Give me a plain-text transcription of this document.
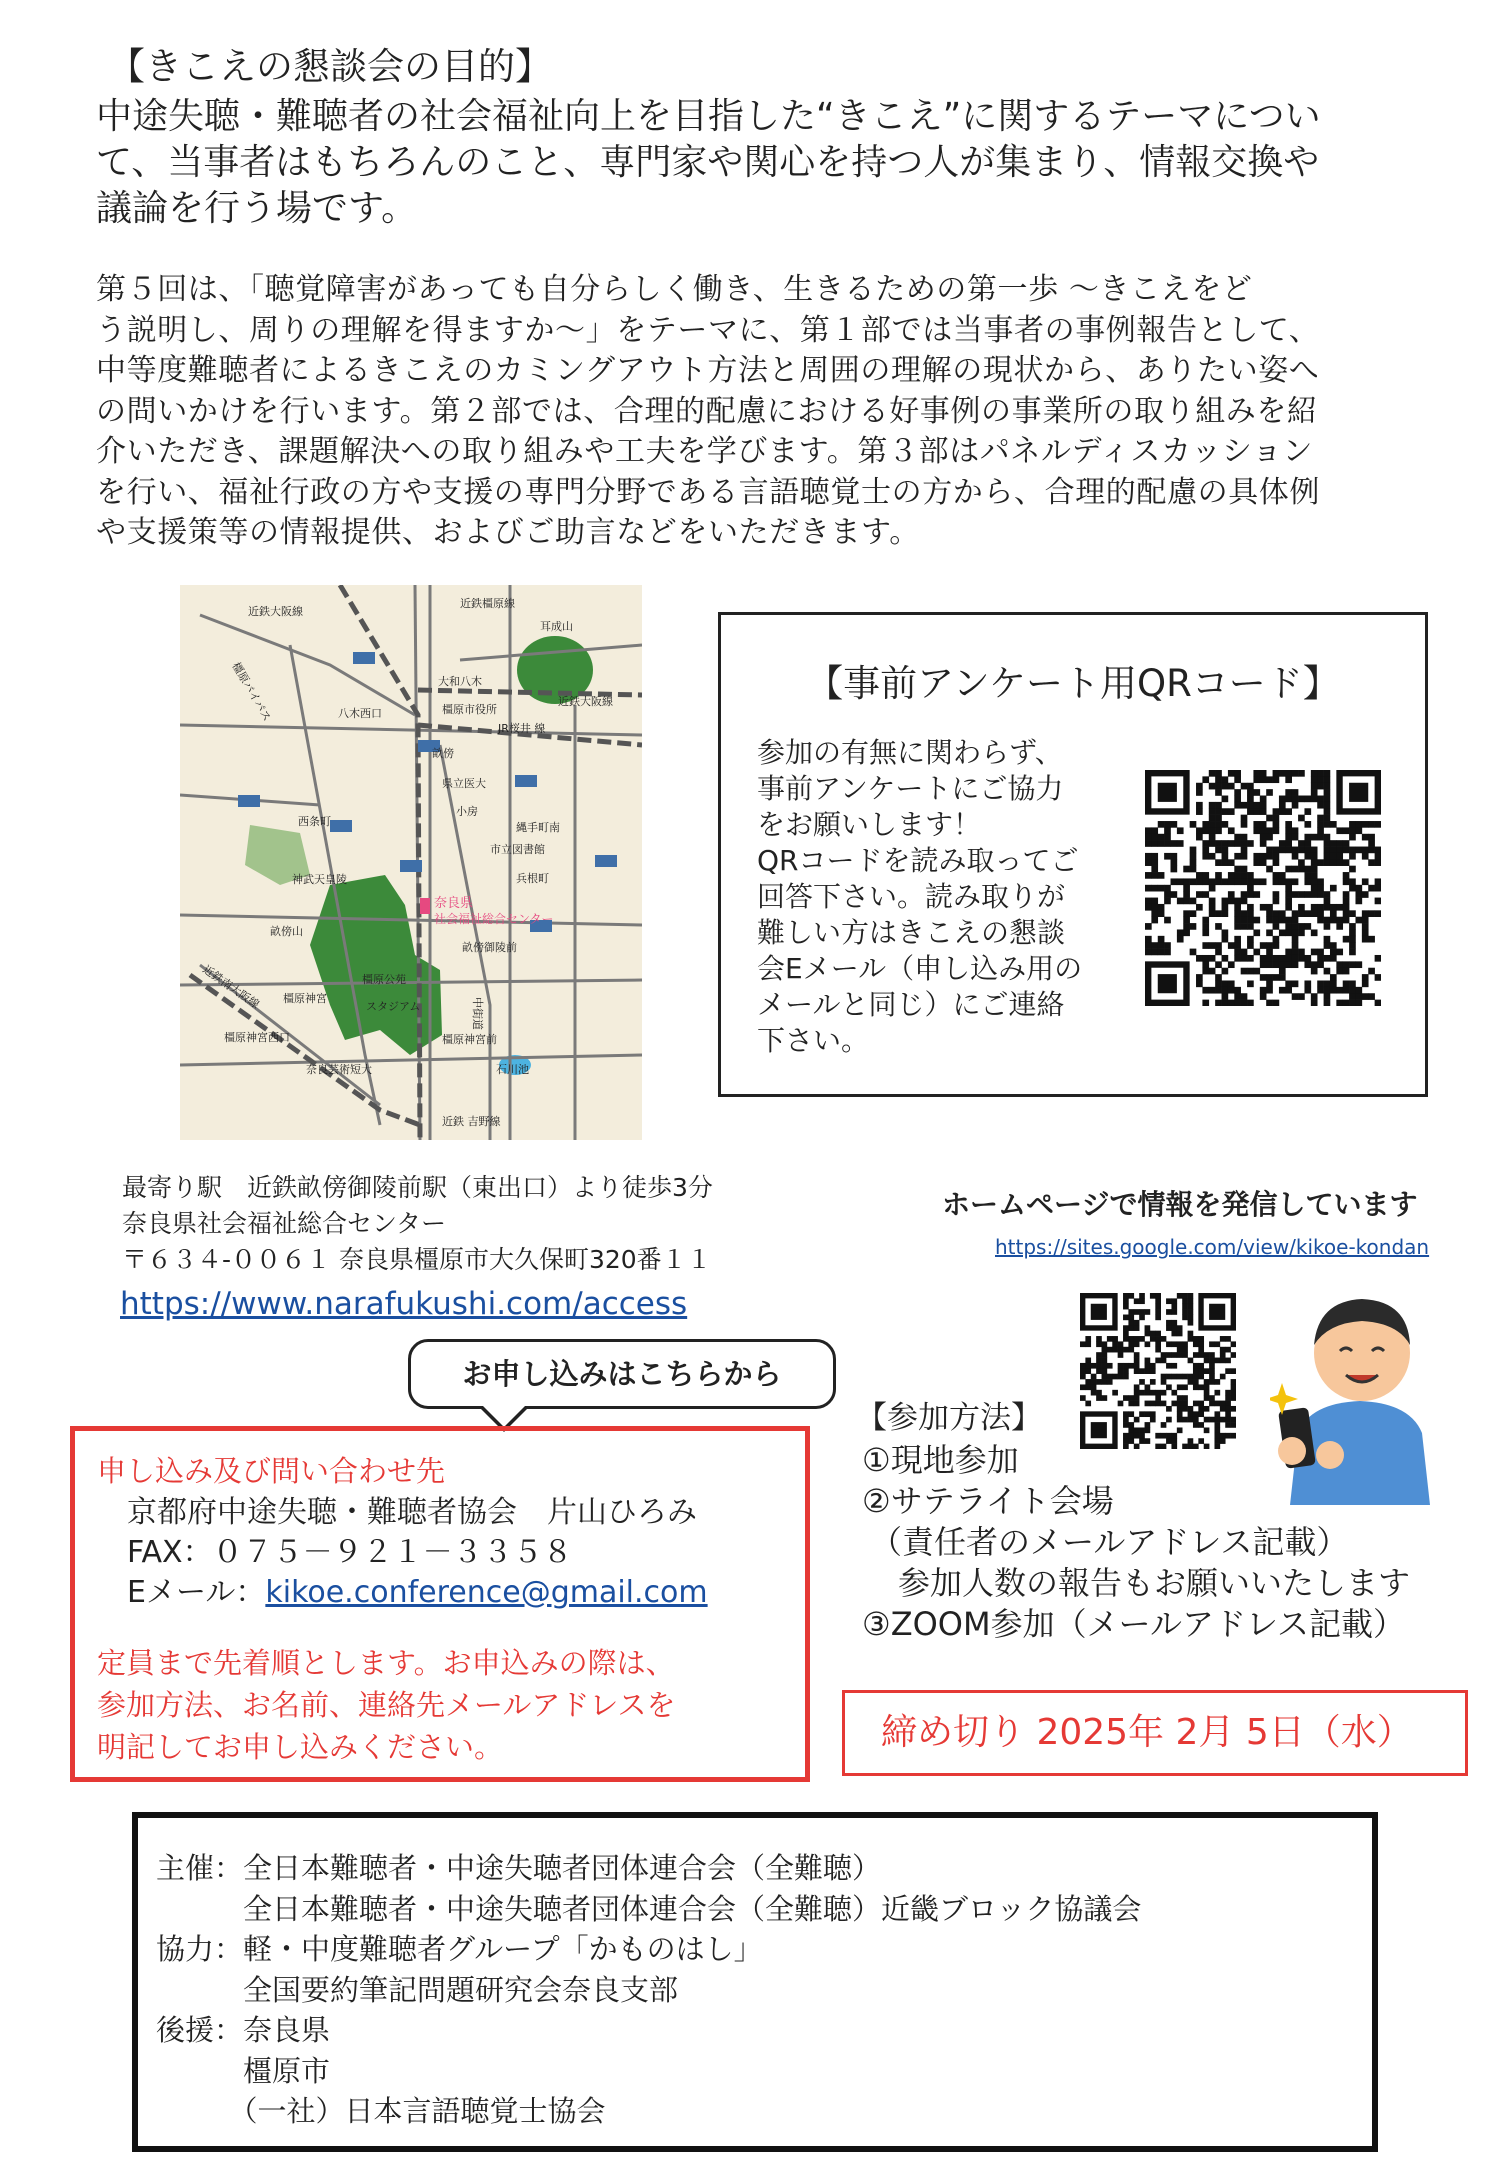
【きこえの懇談会の目的】
中途失聴・難聴者の社会福祉向上を目指した“きこえ”に関するテーマについ
て、当事者はもちろんのこと、専門家や関心を持つ人が集まり、情報交換や
議論を行う場です。
第５回は、「聴覚障害があっても自分らしく働き、生きるための第一歩 〜きこえをど
う説明し、周りの理解を得ますか〜」をテーマに、第１部では当事者の事例報告として、
中等度難聴者によるきこえのカミングアウト方法と周囲の理解の現状から、ありたい姿へ
の問いかけを行います。第２部では、合理的配慮における好事例の事業所の取り組みを紹
介いただき、課題解決への取り組みや工夫を学びます。第３部はパネルディスカッション
を行い、福祉行政の方や支援の専門分野である言語聴覚士の方から、合理的配慮の具体例
や支援策等の情報提供、およびご助言などをいただきます。
近鉄大阪線
近鉄橿原線
橿原バイパス
耳成山
近鉄大阪線
大和八木
八木西口	橿原市役所
JR桜井 線
畝傍
県立医大
西条町
小房
縄手町南
市立図書館
神武天皇陵	兵根町
畝傍山
畝傍御陵前
橿原公苑
橿原神宮
スタジアム	中街道
近鉄南大阪線
橿原神宮西口	橿原神宮前
奈良芸術短大	石川池
近鉄 吉野線
奈良県
社会福祉総合センター
【事前アンケート用QRコード】
参加の有無に関わらず、
事前アンケートにご協力
をお願いします！
QRコードを読み取ってご
回答下さい。読み取りが
難しい方はきこえの懇談
会Eメール（申し込み用の
メールと同じ）にご連絡
下さい。
最寄り駅　近鉄畝傍御陵前駅（東出口）より徒歩3分
奈良県社会福祉総合センター
〒６３４-００６１ 奈良県橿原市大久保町320番１１
https://www.narafukushi.com/access
ホームページで情報を発信しています
https://sites.google.com/view/kikoe-kondan
お申し込みはこちらから
申し込み及び問い合わせ先
京都府中途失聴・難聴者協会　片山ひろみ
FAX：０７５－９２１－３３５８
Eメール：kikoe.conference@gmail.com
定員まで先着順とします。お申込みの際は、
参加方法、お名前、連絡先メールアドレスを
明記してお申し込みください。
【参加方法】
①現地参加
②サテライト会場
（責任者のメールアドレス記載）
参加人数の報告もお願いいたします
③ZOOM参加（メールアドレス記載）
締め切り 2025年 2月 5日（水）
主催：全日本難聴者・中途失聴者団体連合会（全難聴）
　　　全日本難聴者・中途失聴者団体連合会（全難聴）近畿ブロック協議会
協力：軽・中度難聴者グループ「かものはし」
　　　全国要約筆記問題研究会奈良支部
後援：奈良県
　　　橿原市
　　　（一社）日本言語聴覚士協会
